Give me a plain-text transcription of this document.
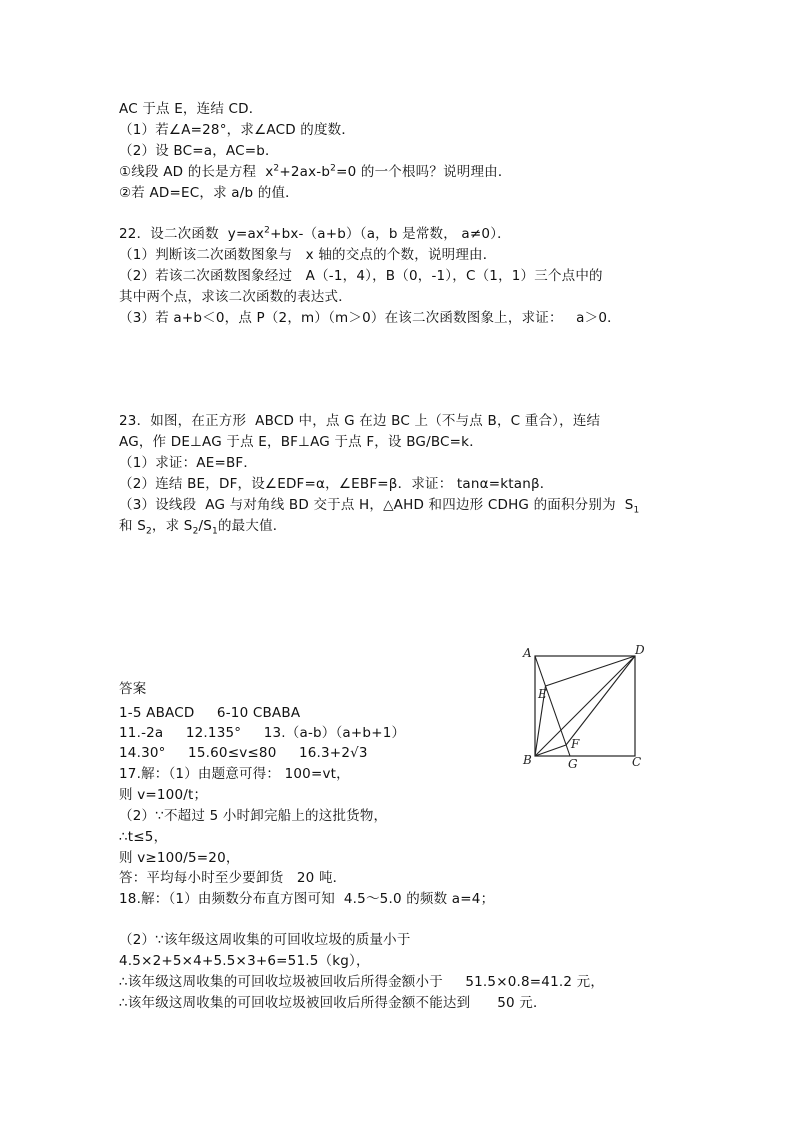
AC 于点 E，连结 CD．
（1）若∠A=28°，求∠ACD 的度数．
（2）设 BC=a，AC=b．
①线段 AD 的长是方程  $x^2+2ax-b^2=0$ 的一个根吗？说明理由．
②若 AD=EC，求 a/b 的值．
22．设二次函数  $y=ax^2+bx-(a+b)(a$，b 是常数， a≠0）．
（1）判断该二次函数图象与   x 轴的交点的个数，说明理由．
（2）若该二次函数图象经过   A（-1，4），B（0，-1），C（1，1）三个点中的
其中两个点，求该二次函数的表达式．
（3）若 a+b＜0，点 P（2，m）（m＞0）在该二次函数图象上，求证：   a＞0．
23．如图，在正方形  ABCD 中，点 G 在边 BC 上（不与点 B，C 重合），连结
AG，作 DE⊥AG 于点 E，BF⊥AG 于点 F，设 BG/BC=k．
（1）求证：AE=BF．
（2）连结 BE，DF，设∠EDF=α，∠EBF=β．求证： tanα=ktanβ．
（3）设线段  AG 与对角线 BD 交于点 H，△AHD 和四边形 CDHG 的面积分别为  $S_1$
和 $S_2$，求 $S_2/S_1$的最大值．
A	D
B	C
E
F
G
答案
1-5 ABACD     6-10 CBABA
11.-2a     12.135°     13.（a-b）（a+b+1）
14.30°     15.60≤v≤80     16.3+2√3
17.解：（1）由题意可得： 100=vt，
则 v=100/t；
（2）∵不超过 5 小时卸完船上的这批货物，
∴t≤5，
则 v≥100/5=20，
答：平均每小时至少要卸货   20 吨．
18.解：（1）由频数分布直方图可知  4.5～5.0 的频数 a=4；
（2）∵该年级这周收集的可回收垃圾的质量小于
4.5×2+5×4+5.5×3+6=51.5（kg），
∴该年级这周收集的可回收垃圾被回收后所得金额小于     51.5×0.8=41.2 元，
∴该年级这周收集的可回收垃圾被回收后所得金额不能达到      50 元．
